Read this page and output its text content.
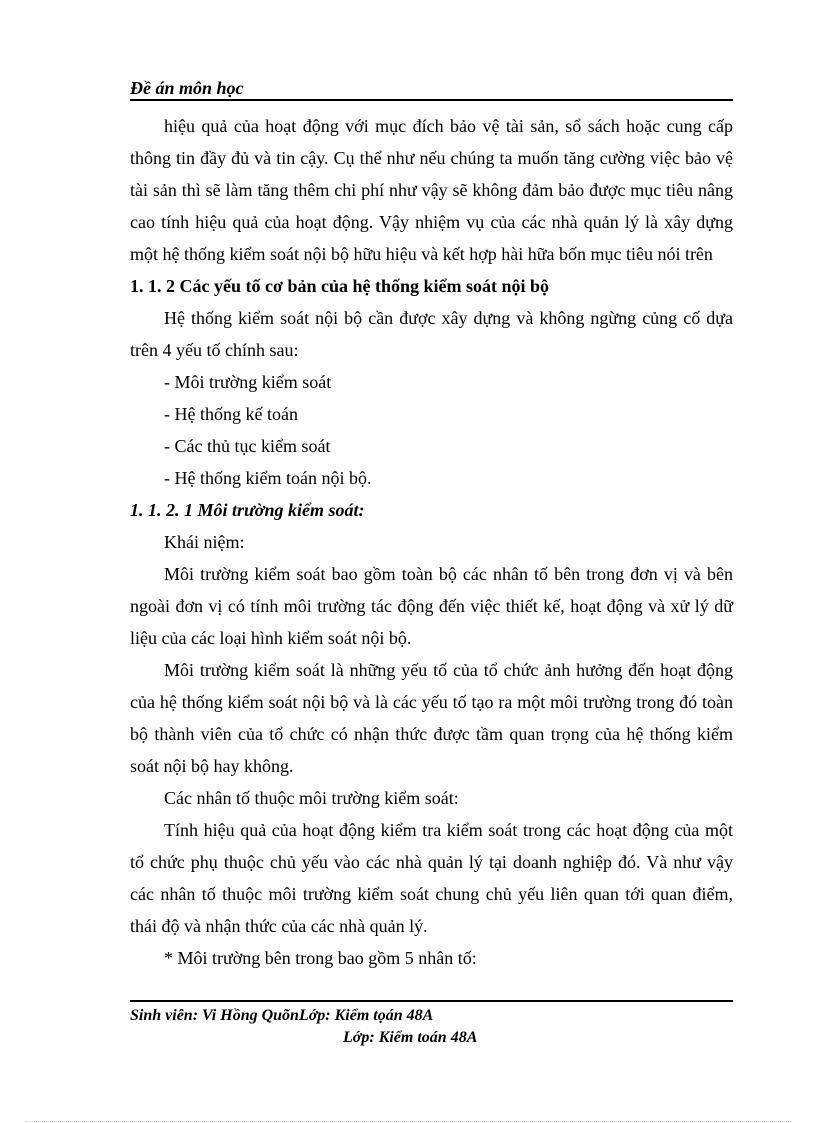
Đề án môn học

hiệu quả của hoạt động với mục đích bảo vệ tài sản, sổ sách hoặc cung cấp thông tin đầy đủ và tin cậy. Cụ thể như nếu chúng ta muốn tăng cường việc bảo vệ tài sản thì sẽ làm tăng thêm chi phí như vậy sẽ không đảm bảo được mục tiêu nâng cao tính hiệu quả của hoạt động. Vậy nhiệm vụ của các nhà quản lý là xây dựng một hệ thống kiểm soát nội bộ hữu hiệu và kết hợp hài hữa bốn mục tiêu nói trên

1. 1. 2 Các yếu tố cơ bản của hệ thống kiểm soát nội bộ

Hệ thống kiểm soát nội bộ cần được xây dựng và không ngừng củng cố dựa trên 4 yếu tố chính sau:

- Môi trường kiểm soát

- Hệ thống kế toán

- Các thủ tục kiểm soát

- Hệ thống kiểm toán nội bộ.

1. 1. 2. 1 Môi trường kiểm soát:

Khái niệm:

Môi trường kiểm soát bao gồm toàn bộ các nhân tố bên trong đơn vị và bên ngoài đơn vị có tính môi trường tác động đến việc thiết kế, hoạt động và xử lý dữ liệu của các loại hình kiểm soát nội bộ.

Môi trường kiểm soát là những yếu tố của tổ chức ảnh hưởng đến hoạt động của hệ thống kiểm soát nội bộ và là các yếu tố tạo ra một môi trường trong đó toàn bộ thành viên của tổ chức có nhận thức được tầm quan trọng của hệ thống kiểm soát nội bộ hay không.

Các nhân tố thuộc môi trường kiểm soát:

Tính hiệu quả của hoạt động kiểm tra kiểm soát trong các hoạt động của một tổ chức phụ thuộc chủ yếu vào các nhà quản lý tại doanh nghiệp đó. Và như vậy các nhân tố thuộc môi trường kiểm soát chung chủ yếu liên quan tới quan điểm, thái độ và nhận thức của các nhà quản lý.

* Môi trường bên trong bao gồm 5 nhân tố:

Sinh viên: Vi Hồng QuõnLớp: Kiểm tọán 48A
Lớp: Kiểm toán 48A
